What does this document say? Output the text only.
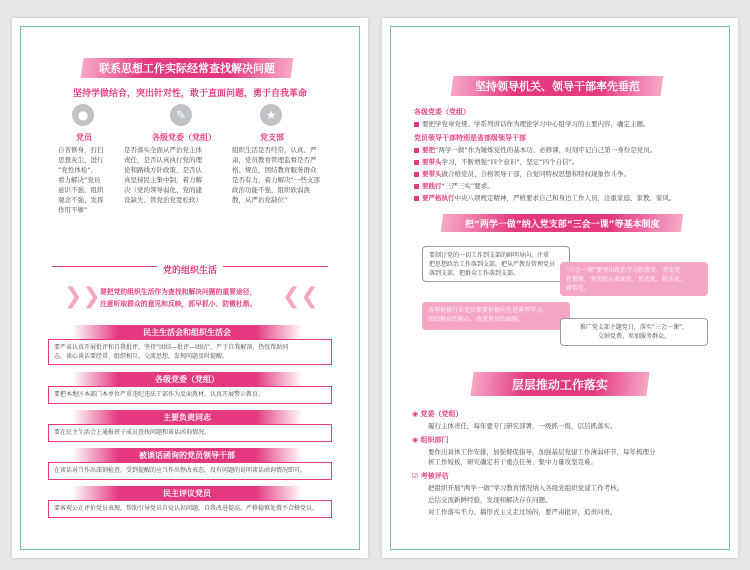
联系思想工作实际经常查找解决问题
坚持学做结合，突出针对性，敢于直面问题，勇于自我革命
●
党员
自省修身，打扫
思想灰尘，进行
“党性体检”，
看力解决“党员
意识不强、组织
观念不强、发挥
作用不够”
✎
各级党委（党组）
是否落实全面从严治党主体
责任，是否认真执行党的理
论和路线方针政策，是否认
真坚持民主集中制，着力解
决（党的领导弱化、党的建
设缺失、管党治党宽松软）
★
党支部
组织生活是否经常，认真、严
肃，党员教育管理监督是否严
格、规范，团结教育服务群众
是否有力，着力解决“一些支部
政治功能不强，组织软弱涣
散，从严治党缺位”
党的组织生活
❯❯	❮❮
要把党的组织生活作为查找和解决问题的重要途径，
注意听取群众的意见和反映，抓早抓小、防微杜渐。
民主生活会和组织生活会
要严肃认真开展批评和自我批评，坚持“团结—批评—团结”，严于自我解剖，热忱帮助同
志，谈心谈话要经常，组织相互，交流思想，发现问题及时提醒。
各级党委（党组）
要把本地区本部门本单位严重违纪违法干部作为反面教材，认真开展警示教育。
主要负责同志
要在民主生活会上通报班子成员查找问题和谈话函询情况。
被谈话函询的党员领导干部
在谈话对当作出深刻检查，受到提醒的应当作出整改表态，没有问题的说明谈话函询情况即可。
民主评议党员
要客观公正评价党员表现，帮助引导党员自觉认识问题，自我改进提高，严格稳慎处置不合格党员。
坚持领导机关、领导干部率先垂范
各级党委（党组）
要把学党章党规、学系列讲话作为理论学习中心组学习的主要内容，确定主题。
党员领导干部特别是省部级领导干部
要把“两学一做”作为锤炼党性的基本功、必修课，时刻牢记自己第一身份是党员。
要带头学习，不断增强“四个意识”，坚定“四个自信”。
要带头做合格党员、合格领导干部，自觉同特权思想和特权现象作斗争。
要践行“三严三实”要求。
要严格执行中央八项规定精神，严格要求自己和身边工作人员，注重家庭、家教、家风。
把“两学一做”纳入党支部“三会一课”等基本制度
要制订党的一切工作到支部的鲜明导向，注重
把思想政治工作落到支部，把从严教育管理党员
落到支部，把群众工作落到支部。	“三会一课”要突出政治学习和教育，突出党
性锻炼，坚决防止表面化、形式化、娱乐化、
庸俗化。
各项规格行业党员都要积极向先进典型学习，
团结群众的核心，改变党员的面貌。
推广党支部主题党日，落实“三会一课”，
交纳党费，参加服务群众。
层层推动工作落实
◉ 党委（党组）
履行主体责任，每年要专门研究部署，一级抓一级，层层抓落实。
◉ 组织部门
要作出具体工作安排，加强督促指导，加强基层党建工作薄弱环节，每年梳理分
析工作短板，研究确定若干重点任务，集中力量攻坚克难。
☑ 考核评估
把组织开展“两学一做”学习教育情况纳入各级党组织党建工作考核。
总结交流新鲜经验，发现和解决存在问题。
对工作落实不力、搞形式主义走过场的，要严肃批评，追责问责。
